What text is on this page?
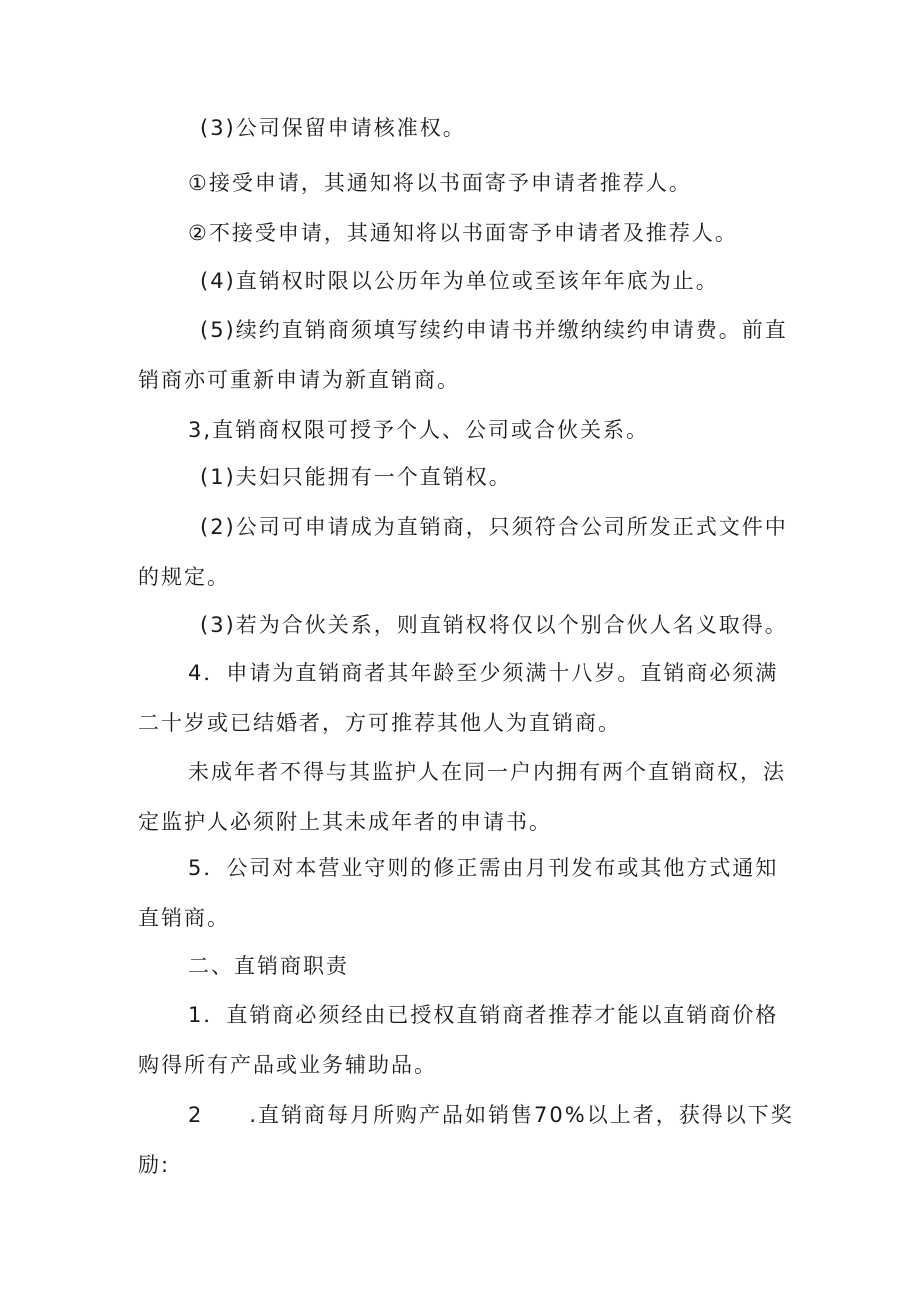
(3)公司保留申请核准权。

①接受申请，其通知将以书面寄予申请者推荐人。

②不接受申请，其通知将以书面寄予申请者及推荐人。

(4)直销权时限以公历年为单位或至该年年底为止。

(5)续约直销商须填写续约申请书并缴纳续约申请费。前直销商亦可重新申请为新直销商。

3,直销商权限可授予个人、公司或合伙关系。

(1)夫妇只能拥有一个直销权。

(2)公司可申请成为直销商，只须符合公司所发正式文件中的规定。

(3)若为合伙关系，则直销权将仅以个别合伙人名义取得。

4．申请为直销商者其年龄至少须满十八岁。直销商必须满二十岁或已结婚者，方可推荐其他人为直销商。

未成年者不得与其监护人在同一户内拥有两个直销商权，法定监护人必须附上其未成年者的申请书。

5．公司对本营业守则的修正需由月刊发布或其他方式通知直销商。

二、直销商职责

1．直销商必须经由已授权直销商者推荐才能以直销商价格购得所有产品或业务辅助品。

2　　.直销商每月所购产品如销售70%以上者，获得以下奖励:
